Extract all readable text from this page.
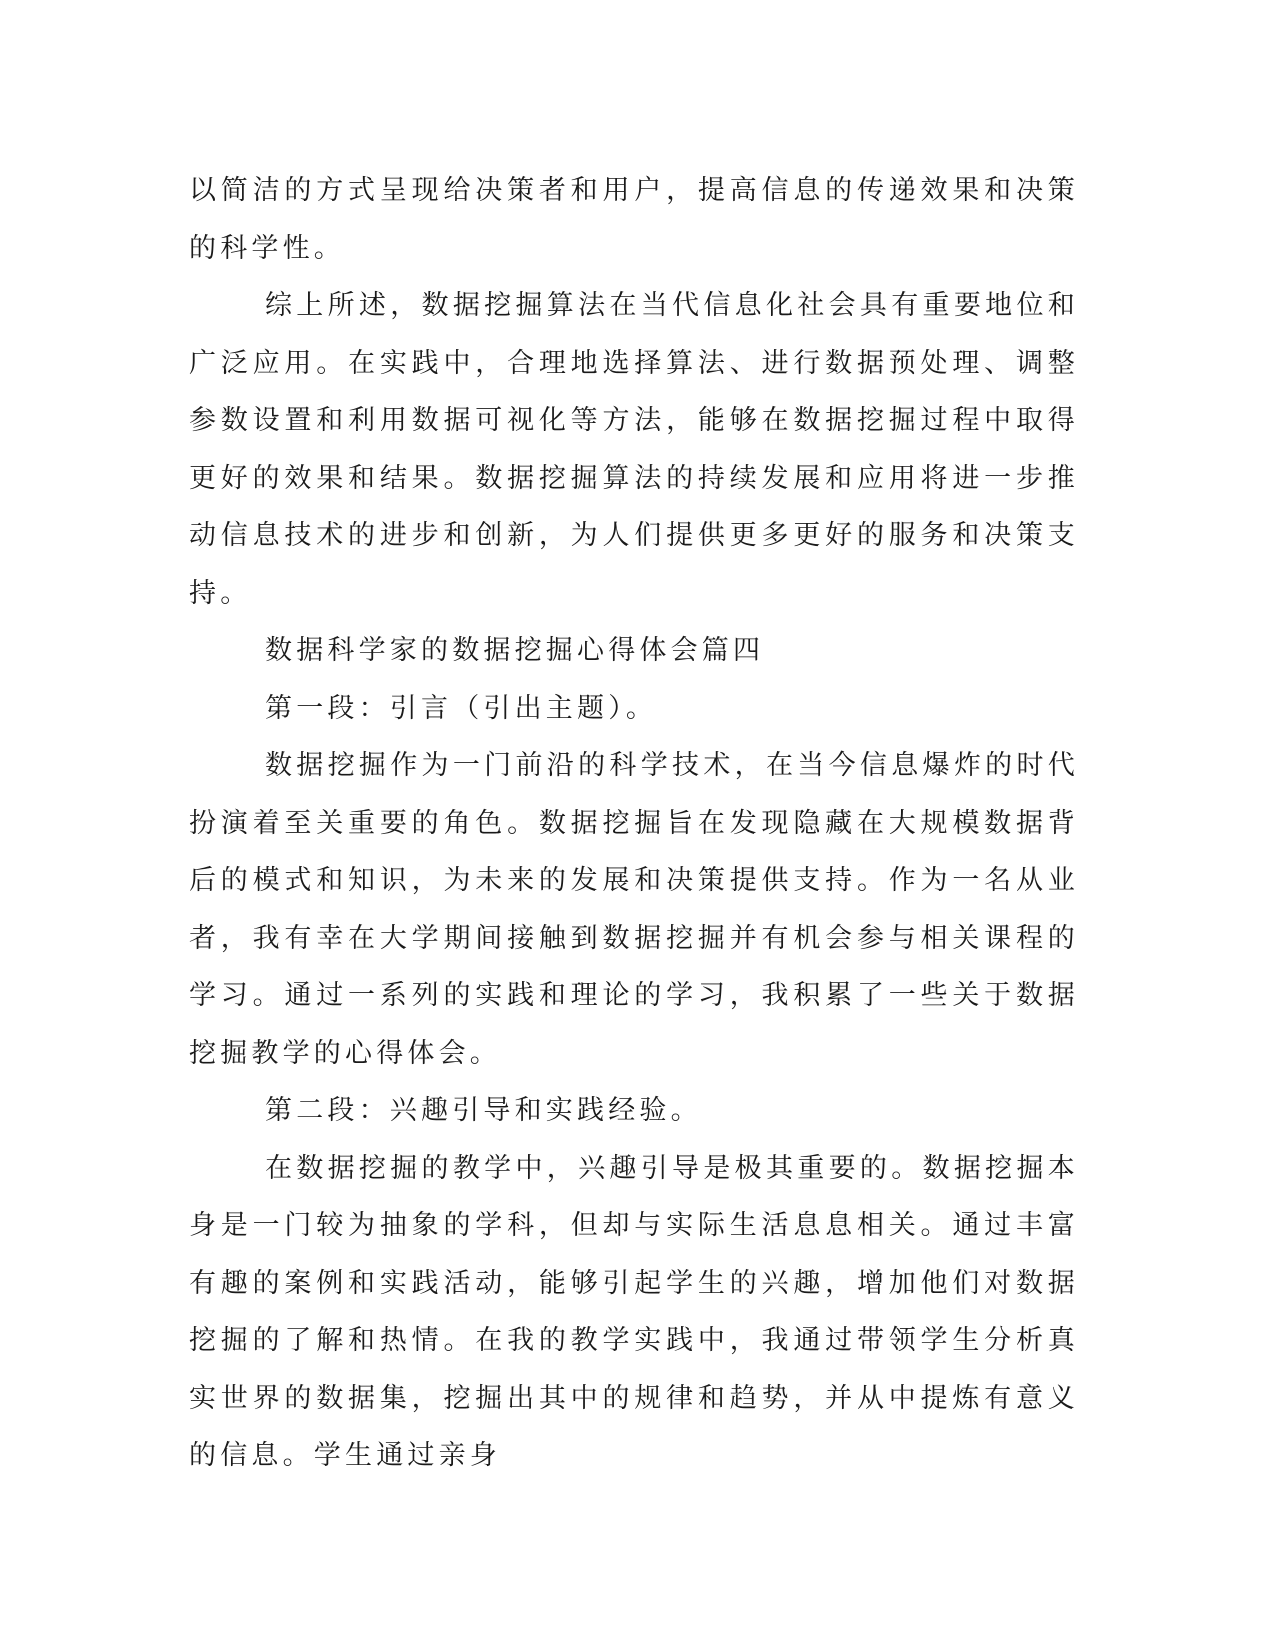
以简洁的方式呈现给决策者和用户，提高信息的传递效果和决策的科学性。

综上所述，数据挖掘算法在当代信息化社会具有重要地位和广泛应用。在实践中，合理地选择算法、进行数据预处理、调整参数设置和利用数据可视化等方法，能够在数据挖掘过程中取得更好的效果和结果。数据挖掘算法的持续发展和应用将进一步推动信息技术的进步和创新，为人们提供更多更好的服务和决策支持。

数据科学家的数据挖掘心得体会篇四

第一段：引言（引出主题）。

数据挖掘作为一门前沿的科学技术，在当今信息爆炸的时代扮演着至关重要的角色。数据挖掘旨在发现隐藏在大规模数据背后的模式和知识，为未来的发展和决策提供支持。作为一名从业者，我有幸在大学期间接触到数据挖掘并有机会参与相关课程的学习。通过一系列的实践和理论的学习，我积累了一些关于数据挖掘教学的心得体会。

第二段：兴趣引导和实践经验。

在数据挖掘的教学中，兴趣引导是极其重要的。数据挖掘本身是一门较为抽象的学科，但却与实际生活息息相关。通过丰富有趣的案例和实践活动，能够引起学生的兴趣，增加他们对数据挖掘的了解和热情。在我的教学实践中，我通过带领学生分析真实世界的数据集，挖掘出其中的规律和趋势，并从中提炼有意义的信息。学生通过亲身
